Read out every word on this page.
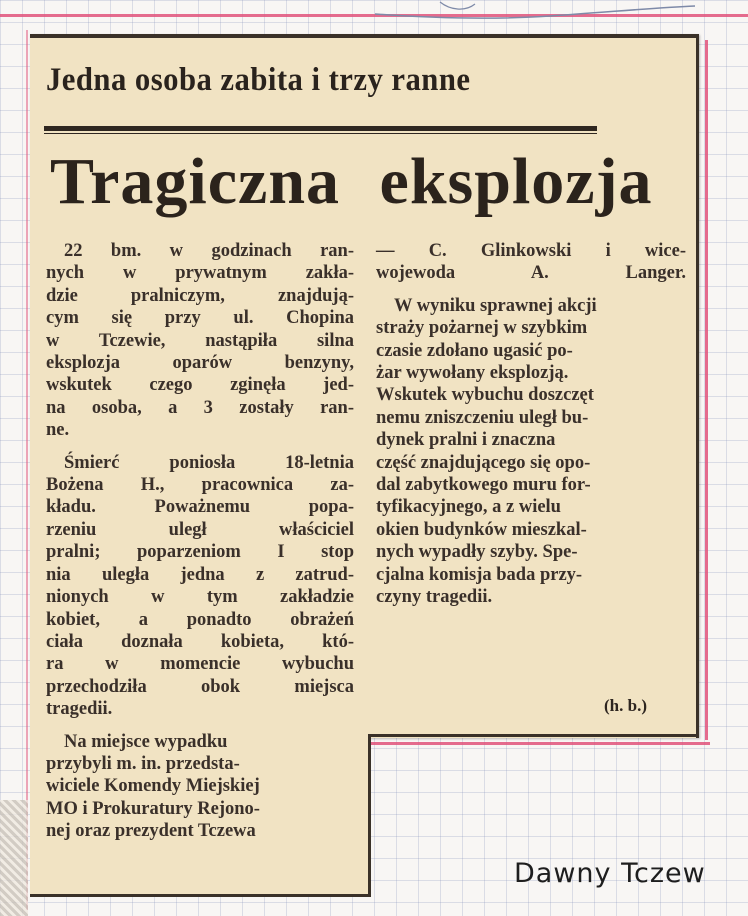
Jedna osoba zabita i trzy ranne
Tragiczna eksplozja

22 bm. w godzinach ran-
nych w prywatnym zakła-
dzie pralniczym, znajdują-
cym się przy ul. Chopina
w Tczewie, nastąpiła silna
eksplozja oparów benzyny,
wskutek czego zginęła jed-
na osoba, a 3 zostały ran-
ne.

Śmierć poniosła 18-letnia
Bożena H., pracownica za-
kładu. Poważnemu popa-
rzeniu uległ właściciel
pralni; poparzeniom I stop
nia uległa jedna z zatrud-
nionych w tym zakładzie
kobiet, a ponadto obrażeń
ciała doznała kobieta, któ-
ra w momencie wybuchu
przechodziła obok miejsca
tragedii.

Na miejsce wypadku
przybyli m. in. przedsta-
wiciele Komendy Miejskiej
MO i Prokuratury Rejono-
nej oraz prezydent Tczewa

— C. Glinkowski i wice-
wojewoda A. Langer.

W wyniku sprawnej akcji
straży pożarnej w szybkim
czasie zdołano ugasić po-
żar wywołany eksplozją.
Wskutek wybuchu doszczęt
nemu zniszczeniu uległ bu-
dynek pralni i znaczna
część znajdującego się opo-
dal zabytkowego muru for-
tyfikacyjnego, a z wielu
okien budynków mieszkal-
nych wypadły szyby. Spe-
cjalna komisja bada przy-
czyny tragedii.

(h. b.)
Dawny Tczew
